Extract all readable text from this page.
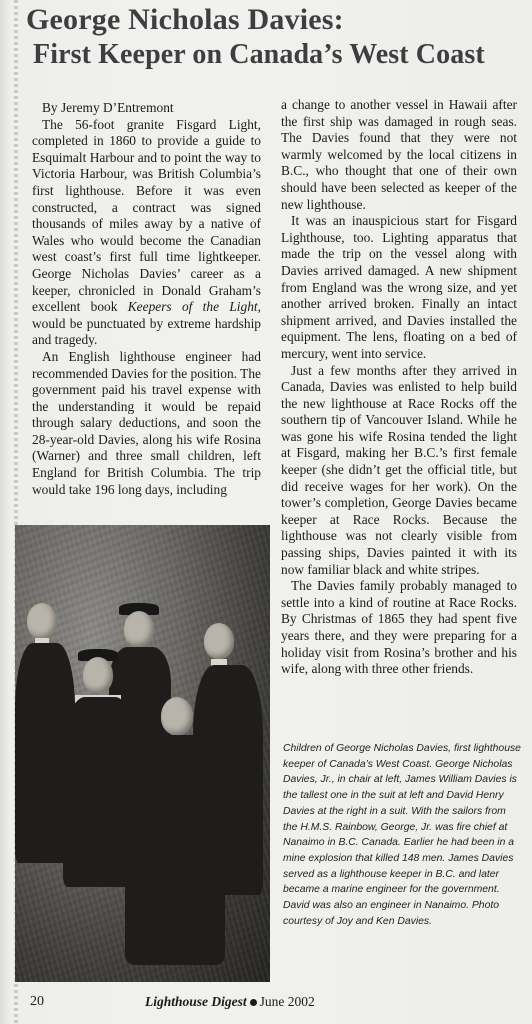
George Nicholas Davies:
First Keeper on Canada’s West Coast
By Jeremy D’Entremont

The 56-foot granite Fisgard Light, completed in 1860 to provide a guide to Esquimalt Harbour and to point the way to Victoria Harbour, was British Columbia’s first lighthouse. Before it was even constructed, a contract was signed thousands of miles away by a native of Wales who would become the Canadian west coast’s first full time lightkeeper. George Nicholas Davies’ career as a keeper, chronicled in Donald Graham’s excellent book Keepers of the Light, would be punctuated by extreme hardship and tragedy.

An English lighthouse engineer had recommended Davies for the position. The government paid his travel expense with the understanding it would be repaid through salary deductions, and soon the 28-year-old Davies, along his wife Rosina (Warner) and three small children, left England for British Columbia. The trip would take 196 long days, including

a change to another vessel in Hawaii after the first ship was damaged in rough seas. The Davies found that they were not warmly welcomed by the local citizens in B.C., who thought that one of their own should have been selected as keeper of the new lighthouse.

It was an inauspicious start for Fisgard Lighthouse, too. Lighting apparatus that made the trip on the vessel along with Davies arrived damaged. A new shipment from England was the wrong size, and yet another arrived broken. Finally an intact shipment arrived, and Davies installed the equipment. The lens, floating on a bed of mercury, went into service.

Just a few months after they arrived in Canada, Davies was enlisted to help build the new lighthouse at Race Rocks off the southern tip of Vancouver Island. While he was gone his wife Rosina tended the light at Fisgard, making her B.C.’s first female keeper (she didn’t get the official title, but did receive wages for her work). On the tower’s completion, George Davies became keeper at Race Rocks. Because the lighthouse was not clearly visible from passing ships, Davies painted it with its now familiar black and white stripes.

The Davies family probably managed to settle into a kind of routine at Race Rocks. By Christmas of 1865 they had spent five years there, and they were preparing for a holiday visit from Rosina’s brother and his wife, along with three other friends.

Children of George Nicholas Davies, first lighthouse keeper of Canada’s West Coast. George Nicholas Davies, Jr., in chair at left, James William Davies is the tallest one in the suit at left and David Henry Davies at the right in a suit. With the sailors from the H.M.S. Rainbow, George, Jr. was fire chief at Nanaimo in B.C. Canada. Earlier he had been in a mine explosion that killed 148 men. James Davies served as a lighthouse keeper in B.C. and later became a marine engineer for the government. David was also an engineer in Nanaimo. Photo courtesy of Joy and Ken Davies.
20	Lighthouse Digest June 2002
